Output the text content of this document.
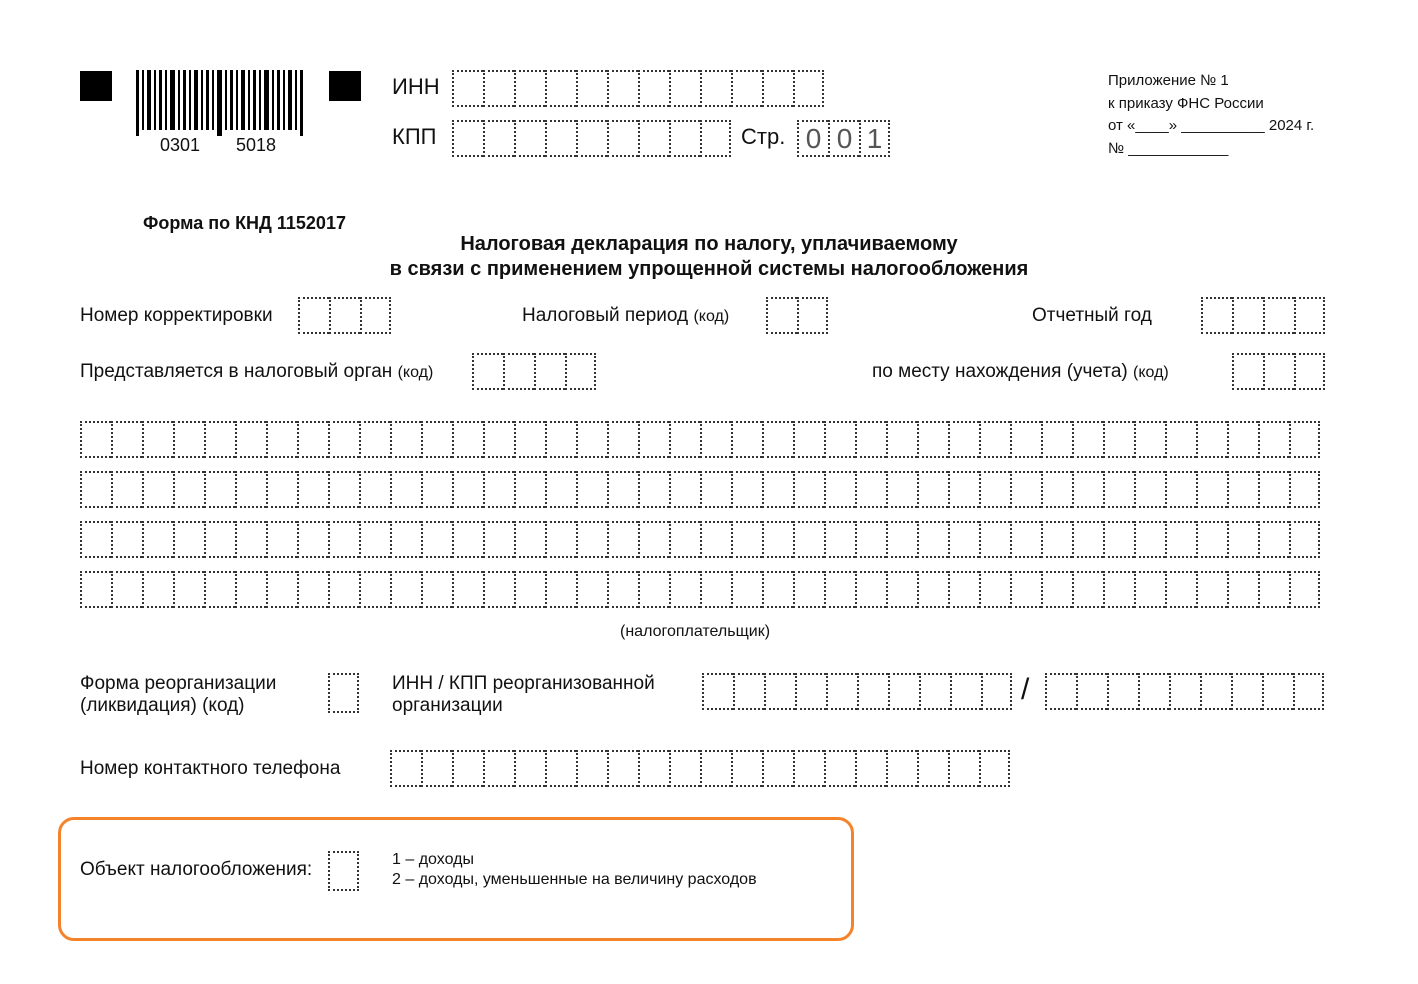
0301 5018
ИНН
КПП	Стр. 0 0 1
Приложение № 1
к приказу ФНС России
от «____» __________ 2024 г.
№ ____________
Форма по КНД 1152017
Налоговая декларация по налогу, уплачиваемому
в связи с применением упрощенной системы налогообложения
Номер корректировки	Налоговый период (код)	Отчетный год
Представляется в налоговый орган (код)	по месту нахождения (учета) (код)
(налогоплательщик)
Форма реорганизации
(ликвидация) (код)
ИНН / КПП реорганизованной
организации	/
Номер контактного телефона
Объект налогообложения:	1 – доходы
2 – доходы, уменьшенные на величину расходов
